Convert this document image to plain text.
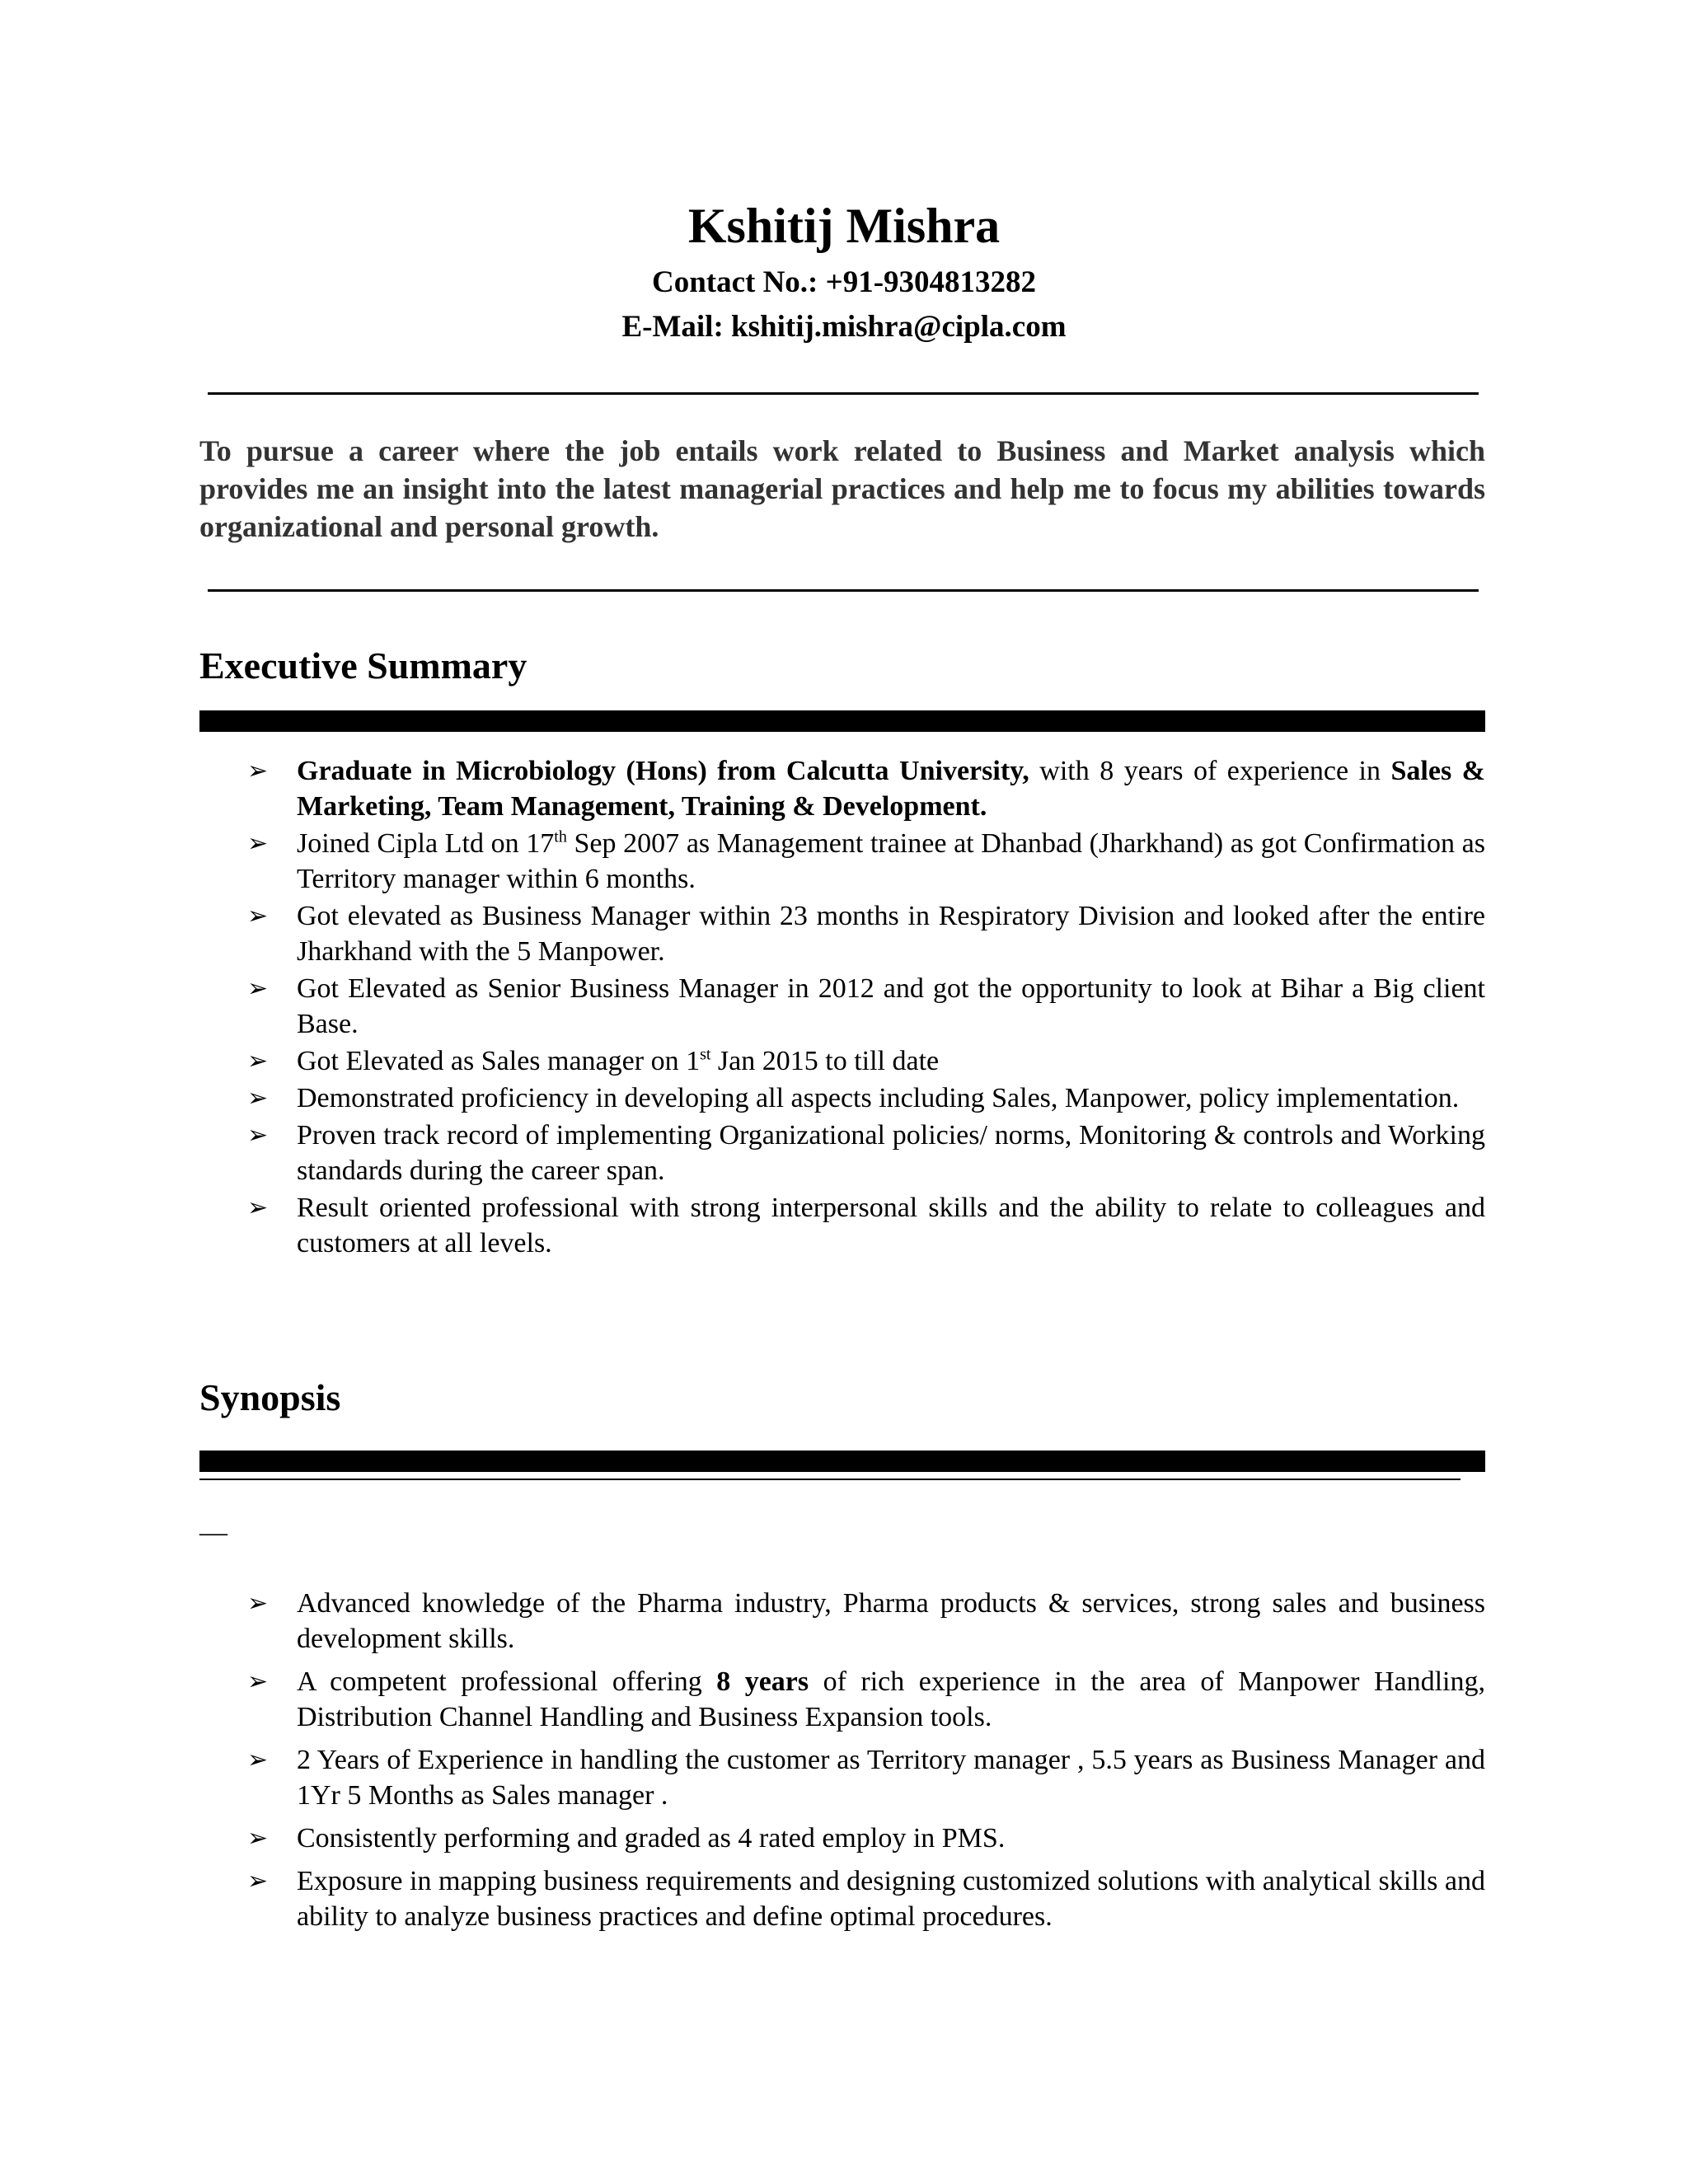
Kshitij Mishra
Contact No.: +91-9304813282
E-Mail: kshitij.mishra@cipla.com
To pursue a career where the job entails work related to Business and Market analysis which provides me an insight into the latest managerial practices and help me to focus my abilities towards organizational and personal growth.
Executive Summary
➢ Graduate in Microbiology (Hons) from Calcutta University, with 8 years of experience in Sales & Marketing, Team Management, Training & Development.
➢ Joined Cipla Ltd on 17th Sep 2007 as Management trainee at Dhanbad (Jharkhand) as got Confirmation as Territory manager within 6 months.
➢ Got elevated as Business Manager within 23 months in Respiratory Division and looked after the entire Jharkhand with the 5 Manpower.
➢ Got Elevated as Senior Business Manager in 2012 and got the opportunity to look at Bihar a Big client Base.
➢ Got Elevated as Sales manager on 1st Jan 2015 to till date
➢ Demonstrated proficiency in developing all aspects including Sales, Manpower, policy implementation.
➢ Proven track record of implementing Organizational policies/ norms, Monitoring & controls and Working standards during the career span.
➢ Result oriented professional with strong interpersonal skills and the ability to relate to colleagues and customers at all levels.
Synopsis
—
➢ Advanced knowledge of the Pharma industry, Pharma products & services, strong sales and business development skills.
➢ A competent professional offering 8 years of rich experience in the area of Manpower Handling, Distribution Channel Handling and Business Expansion tools.
➢ 2 Years of Experience in handling the customer as Territory manager , 5.5 years as Business Manager and 1Yr 5 Months as Sales manager .
➢ Consistently performing and graded as 4 rated employ in PMS.
➢ Exposure in mapping business requirements and designing customized solutions with analytical skills and ability to analyze business practices and define optimal procedures.
